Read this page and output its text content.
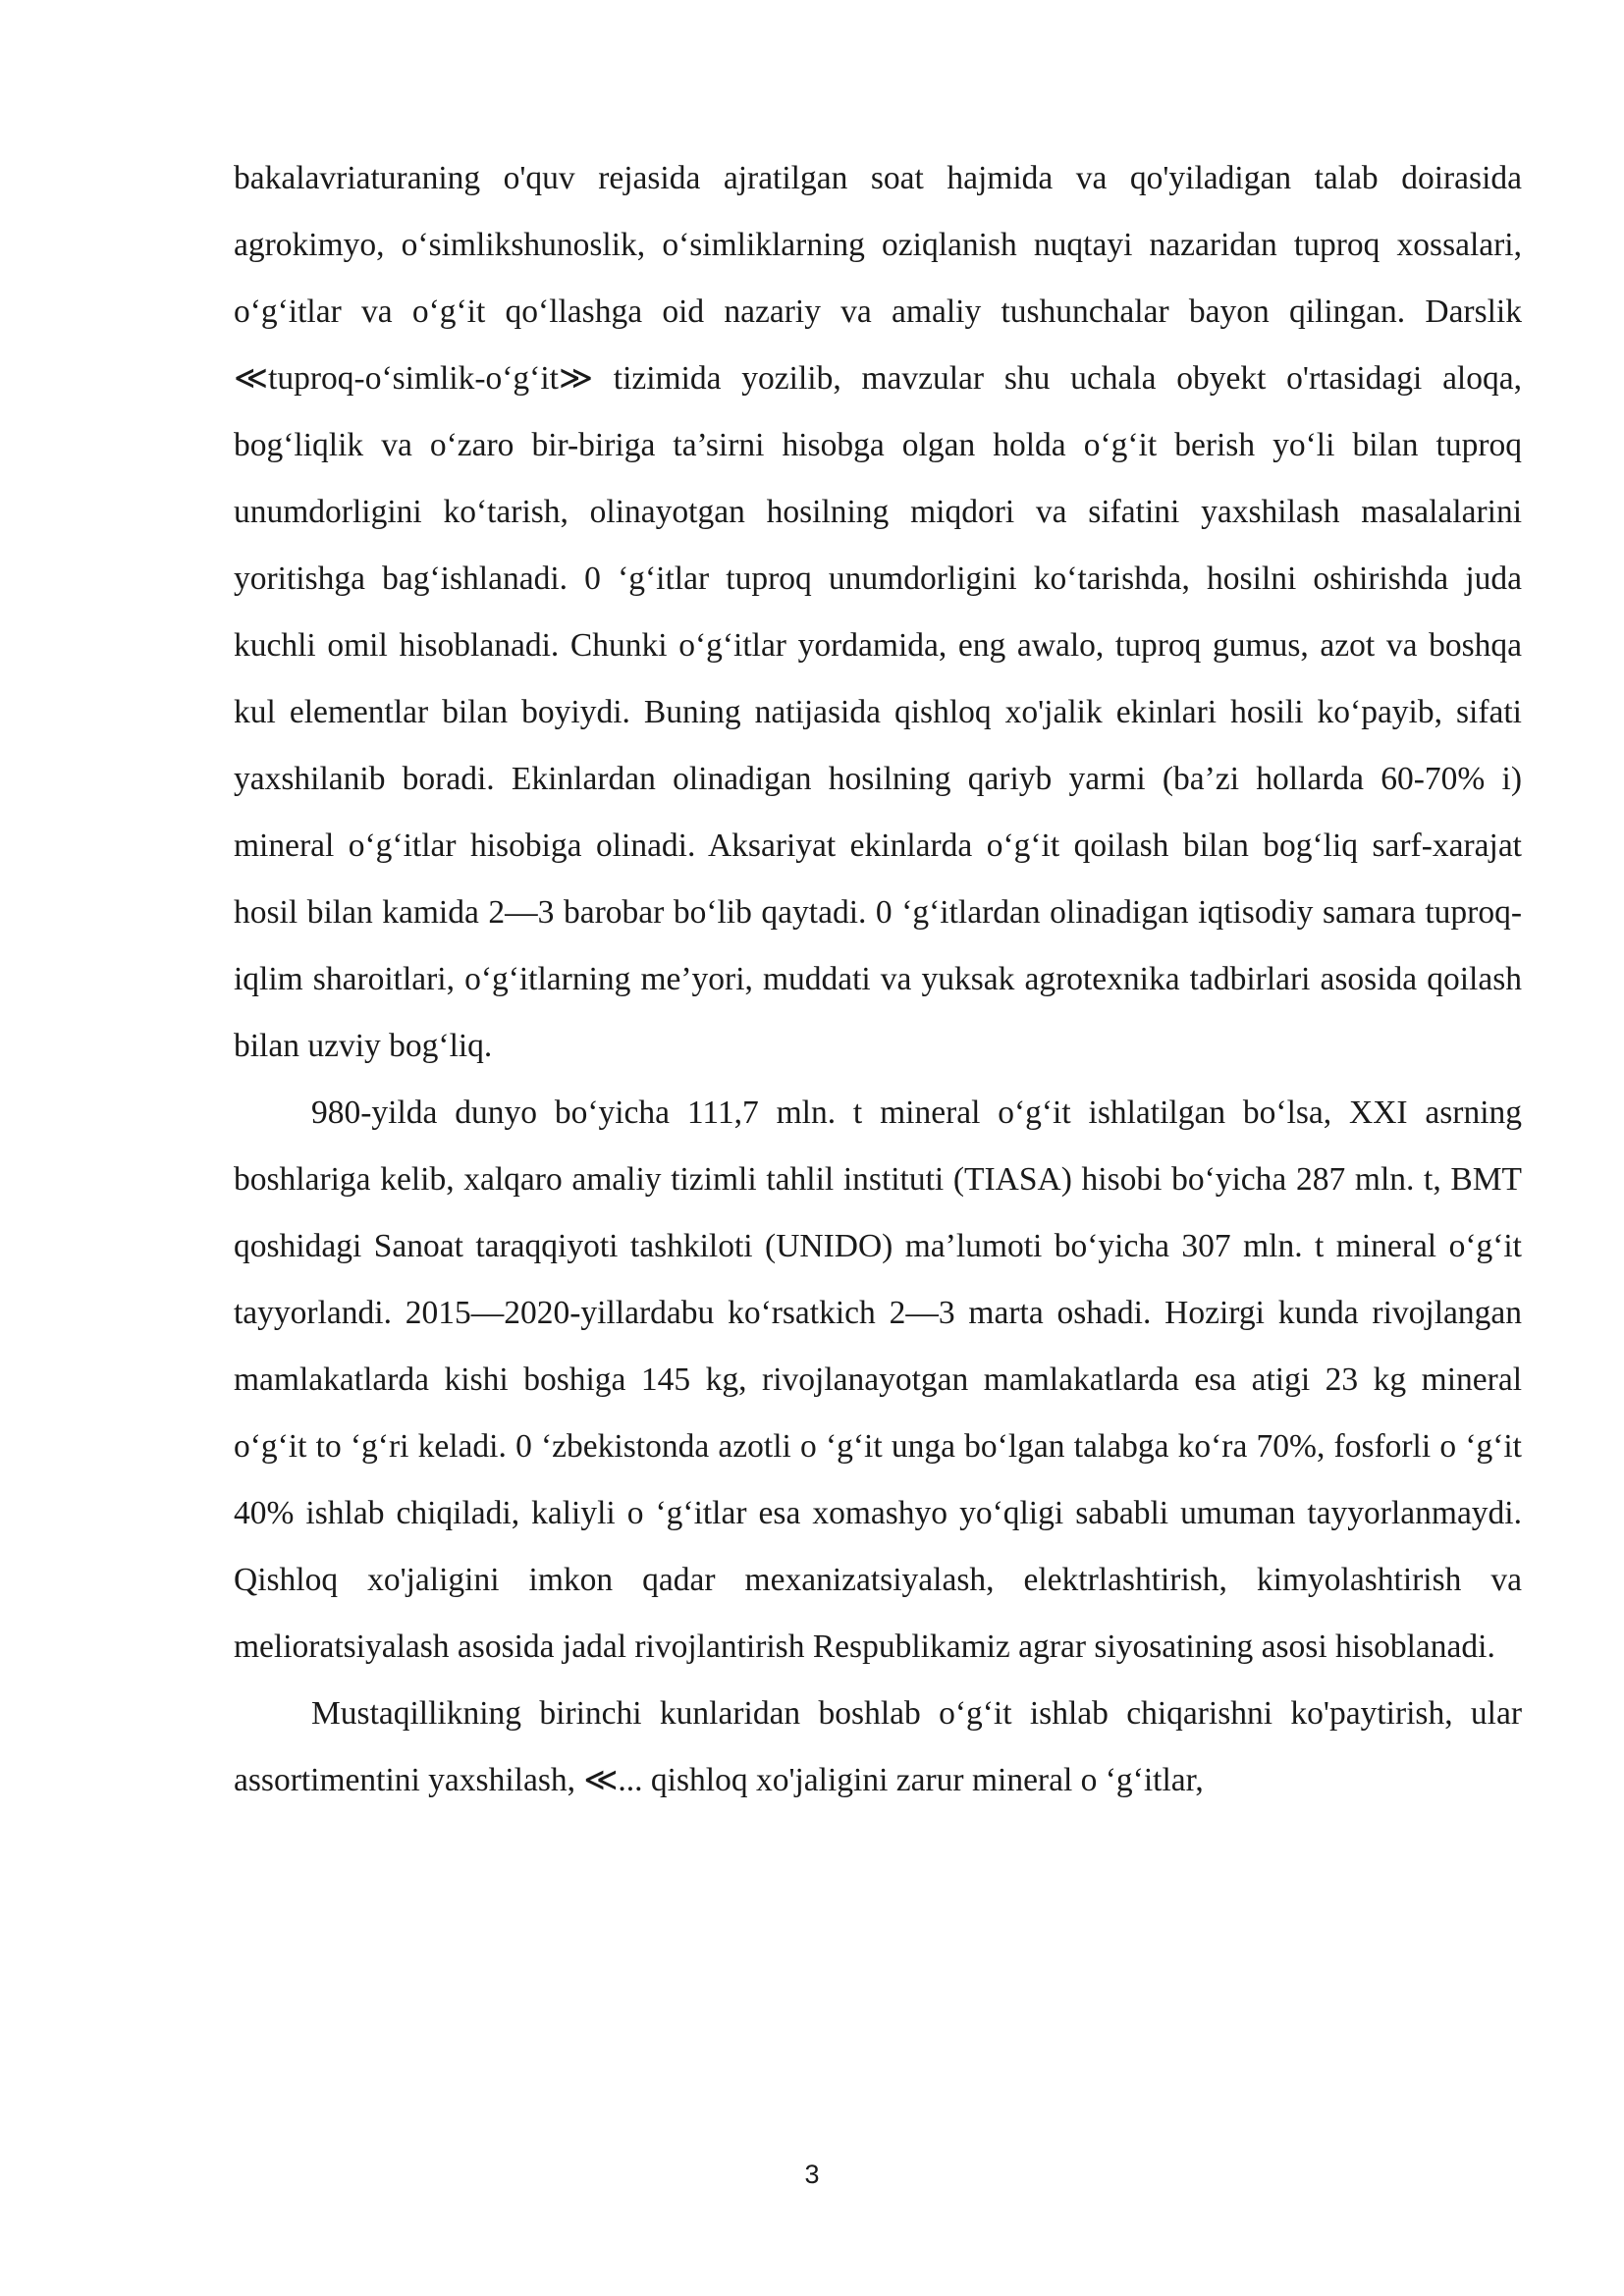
bakalavriaturaning o'quv rejasida ajratilgan soat hajmida va qo'yiladigan talab doirasida agrokimyo, o‘simlikshunoslik, o‘simliklarning oziqlanish nuqtayi nazaridan tuproq xossalari, o‘g‘itlar va o‘g‘it qo‘llashga oid nazariy va amaliy tushunchalar bayon qilingan. Darslik ≪tuproq-o‘simlik-o‘g‘it≫ tizimida yozilib, mavzular shu uchala obyekt o'rtasidagi aloqa, bog‘liqlik va o‘zaro bir-biriga ta’sirni hisobga olgan holda o‘g‘it berish yo‘li bilan tuproq unumdorligini ko‘tarish, olinayotgan hosilning miqdori va sifatini yaxshilash masalalarini yoritishga bag‘ishlanadi. 0 ‘g‘itlar tuproq unumdorligini ko‘tarishda, hosilni oshirishda juda kuchli omil hisoblanadi. Chunki o‘g‘itlar yordamida, eng awalo, tuproq gumus, azot va boshqa kul elementlar bilan boyiydi. Buning natijasida qishloq xo'jalik ekinlari hosili ko‘payib, sifati yaxshilanib boradi. Ekinlardan olinadigan hosilning qariyb yarmi (ba’zi hollarda 60-70% i) mineral o‘g‘itlar hisobiga olinadi. Aksariyat ekinlarda o‘g‘it qoilash bilan bog‘liq sarf-xarajat hosil bilan kamida 2—3 barobar bo‘lib qaytadi. 0 ‘g‘itlardan olinadigan iqtisodiy samara tuproq-iqlim sharoitlari, o‘g‘itlarning me’yori, muddati va yuksak agrotexnika tadbirlari asosida qoilash bilan uzviy bog‘liq.

980-yilda dunyo bo‘yicha 111,7 mln. t mineral o‘g‘it ishlatilgan bo‘lsa, XXI asrning boshlariga kelib, xalqaro amaliy tizimli tahlil instituti (TIASA) hisobi bo‘yicha 287 mln. t, BMT qoshidagi Sanoat taraqqiyoti tashkiloti (UNIDO) ma’lumoti bo‘yicha 307 mln. t mineral o‘g‘it tayyorlandi. 2015—2020-yillardabu ko‘rsatkich 2—3 marta oshadi. Hozirgi kunda rivojlangan mamlakatlarda kishi boshiga 145 kg, rivojlanayotgan mamlakatlarda esa atigi 23 kg mineral o‘g‘it to ‘g‘ri keladi. 0 ‘zbekistonda azotli o ‘g‘it unga bo‘lgan talabga ko‘ra 70%, fosforli o ‘g‘it 40% ishlab chiqiladi, kaliyli o ‘g‘itlar esa xomashyo yo‘qligi sababli umuman tayyorlanmaydi. Qishloq xo'jaligini imkon qadar mexanizatsiyalash, elektrlashtirish, kimyolashtirish va melioratsiyalash asosida jadal rivojlantirish Respublikamiz agrar siyosatining asosi hisoblanadi.

Mustaqillikning birinchi kunlaridan boshlab o‘g‘it ishlab chiqarishni ko'paytirish, ular assortimentini yaxshilash, ≪... qishloq xo'jaligini zarur mineral o ‘g‘itlar,

3
